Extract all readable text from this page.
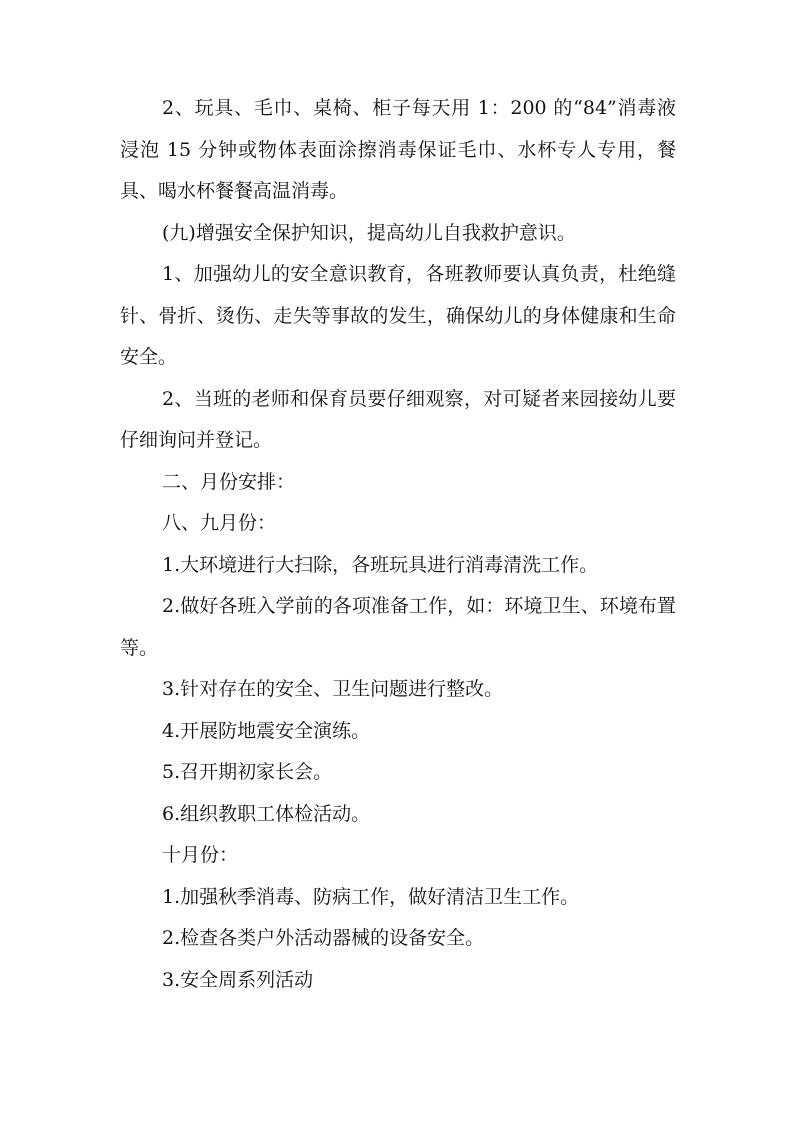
2、玩具、毛巾、桌椅、柜子每天用 1：200 的“84”消毒液浸泡 15 分钟或物体表面涂擦消毒保证毛巾、水杯专人专用，餐具、喝水杯餐餐高温消毒。

(九)增强安全保护知识，提高幼儿自我救护意识。

1、加强幼儿的安全意识教育，各班教师要认真负责，杜绝缝针、骨折、烫伤、走失等事故的发生，确保幼儿的身体健康和生命安全。

2、当班的老师和保育员要仔细观察，对可疑者来园接幼儿要仔细询问并登记。

二、月份安排：

八、九月份：

1.大环境进行大扫除，各班玩具进行消毒清洗工作。

2.做好各班入学前的各项准备工作，如：环境卫生、环境布置等。

3.针对存在的安全、卫生问题进行整改。

4.开展防地震安全演练。

5.召开期初家长会。

6.组织教职工体检活动。

十月份：

1.加强秋季消毒、防病工作，做好清洁卫生工作。

2.检查各类户外活动器械的设备安全。

3.安全周系列活动
